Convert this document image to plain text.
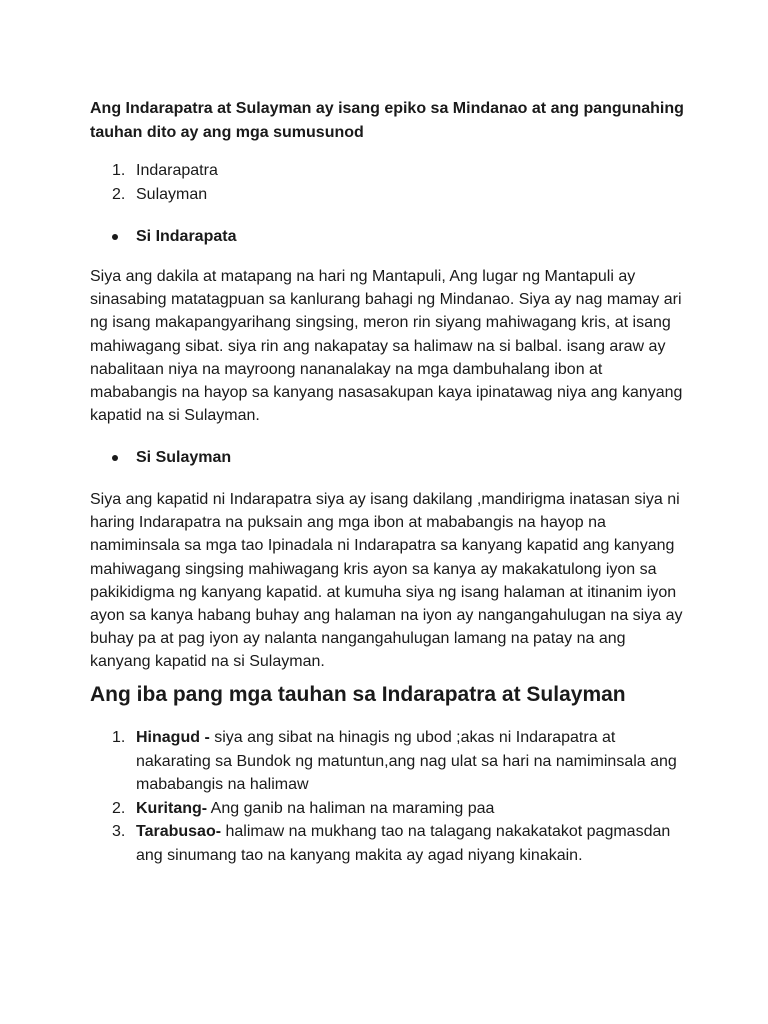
Ang Indarapatra at Sulayman ay isang epiko sa Mindanao at ang pangunahing tauhan dito ay ang mga sumusunod

1. Indarapatra
2. Sulayman
Si Indarapata

Siya ang dakila at matapang na hari ng Mantapuli, Ang lugar ng Mantapuli ay sinasabing matatagpuan sa kanlurang bahagi ng Mindanao. Siya ay nag mamay ari ng isang makapangyarihang singsing, meron rin siyang mahiwagang kris, at isang mahiwagang sibat. siya rin ang nakapatay sa halimaw na si balbal. isang araw ay nabalitaan niya na mayroong nananalakay na mga dambuhalang ibon at mababangis na hayop sa kanyang nasasakupan kaya ipinatawag niya ang kanyang kapatid na si Sulayman.

Si Sulayman

Siya ang kapatid ni Indarapatra siya ay isang dakilang ,mandirigma inatasan siya ni haring Indarapatra na puksain ang mga ibon at mababangis na hayop na namiminsala sa mga tao Ipinadala ni Indarapatra sa kanyang kapatid ang kanyang mahiwagang singsing mahiwagang kris ayon sa kanya ay makakatulong iyon sa pakikidigma ng kanyang kapatid. at kumuha siya ng isang halaman at itinanim iyon ayon sa kanya habang buhay ang halaman na iyon ay nangangahulugan na siya ay buhay pa at pag iyon ay nalanta nangangahulugan lamang na patay na ang kanyang kapatid na si Sulayman.

Ang iba pang mga tauhan sa Indarapatra at Sulayman
1. Hinagud - siya ang sibat na hinagis ng ubod ;akas ni Indarapatra at nakarating sa Bundok ng matuntun,ang nag ulat sa hari na namiminsala ang mababangis na halimaw
2. Kuritang- Ang ganib na haliman na maraming paa
3. Tarabusao- halimaw na mukhang tao na talagang nakakatakot pagmasdan ang sinumang tao na kanyang makita ay agad niyang kinakain.
